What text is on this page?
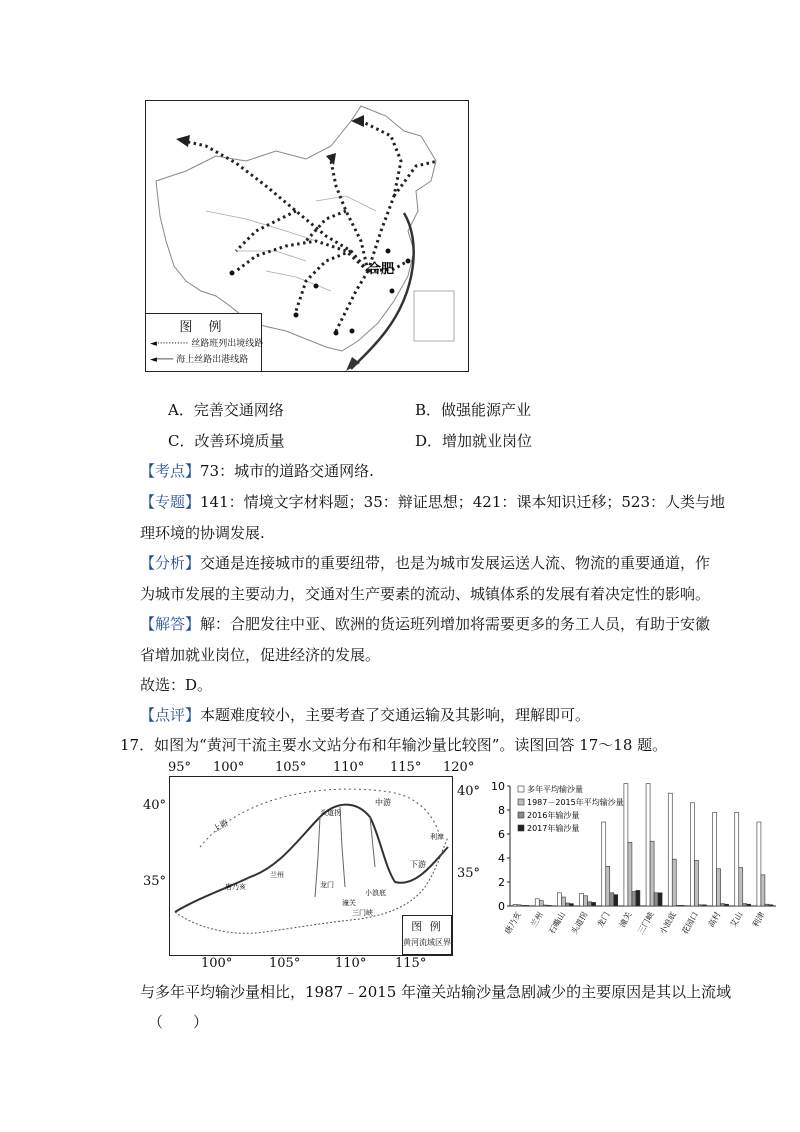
合肥
图 例
◄··········· 丝路班列出境线路
◄─── 海上丝路出港线路
A．完善交通网络	B．做强能源产业
C．改善环境质量	D．增加就业岗位
【考点】73：城市的道路交通网络.
【专题】141：情境文字材料题；35：辩证思想；421：课本知识迁移；523：人类与地
理环境的协调发展.
【分析】交通是连接城市的重要纽带，也是为城市发展运送人流、物流的重要通道，作
为城市发展的主要动力，交通对生产要素的流动、城镇体系的发展有着决定性的影响。
【解答】解：合肥发往中亚、欧洲的货运班列增加将需要更多的务工人员，有助于安徽
省增加就业岗位，促进经济的发展。
故选：D。
【点评】本题难度较小，主要考查了交通运输及其影响，理解即可。
17．如图为“黄河干流主要水文站分布和年输沙量比较图”。读图回答 17～18 题。
95° 100° 105° 110° 115° 120°
40°
35°
40°
35°
唐乃亥
兰州
头道拐
龙门
潼关
小浪底
三门峡
利津
上游
中游
下游
图 例
黄河流域区界
100°	105°	110° 115°
0
2
4
6
8
10	多年平均输沙量
1987－2015年平均输沙量
2016年输沙量
2017年输沙量
唐乃亥 兰州 石嘴山 头道拐 龙门 潼关 三门峡 小浪底 花园口 高村 艾山 利津
与多年平均输沙量相比，1987﹣2015 年潼关站输沙量急剧减少的主要原因是其以上流域
（　　）
